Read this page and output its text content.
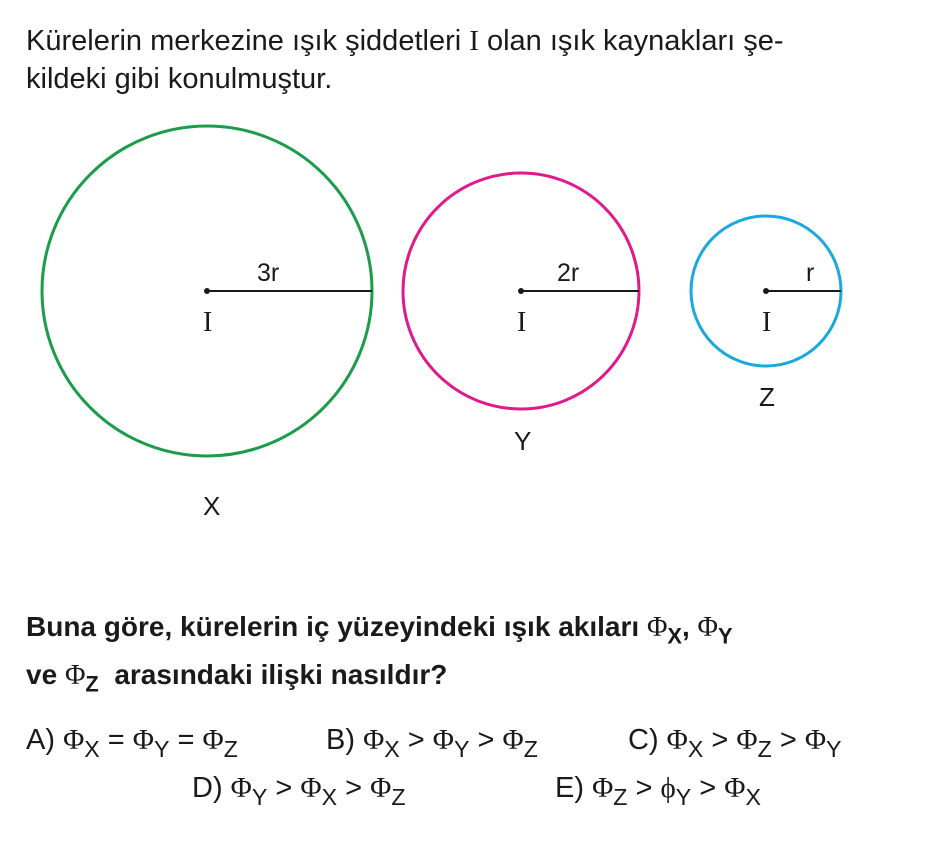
Kürelerin merkezine ışık şiddetleri I olan ışık kaynakları şe-
kildeki gibi konulmuştur.
3r
I
X
2r
I
Y
r
I
Z
Buna göre, kürelerin iç yüzeyindeki ışık akıları $\Phi_X$, $\Phi_Y$
ve $\Phi_Z$ arasındaki ilişki nasıldır?
A) $\Phi_X = \Phi_Y = \Phi_Z$	B) $\Phi_X > \Phi_Y > \Phi_Z$	C) $\Phi_X > \Phi_Z > \Phi_Y$
D) $\Phi_Y > \Phi_X > \Phi_Z$	E) $\Phi_Z > \phi_Y > \Phi_X$
